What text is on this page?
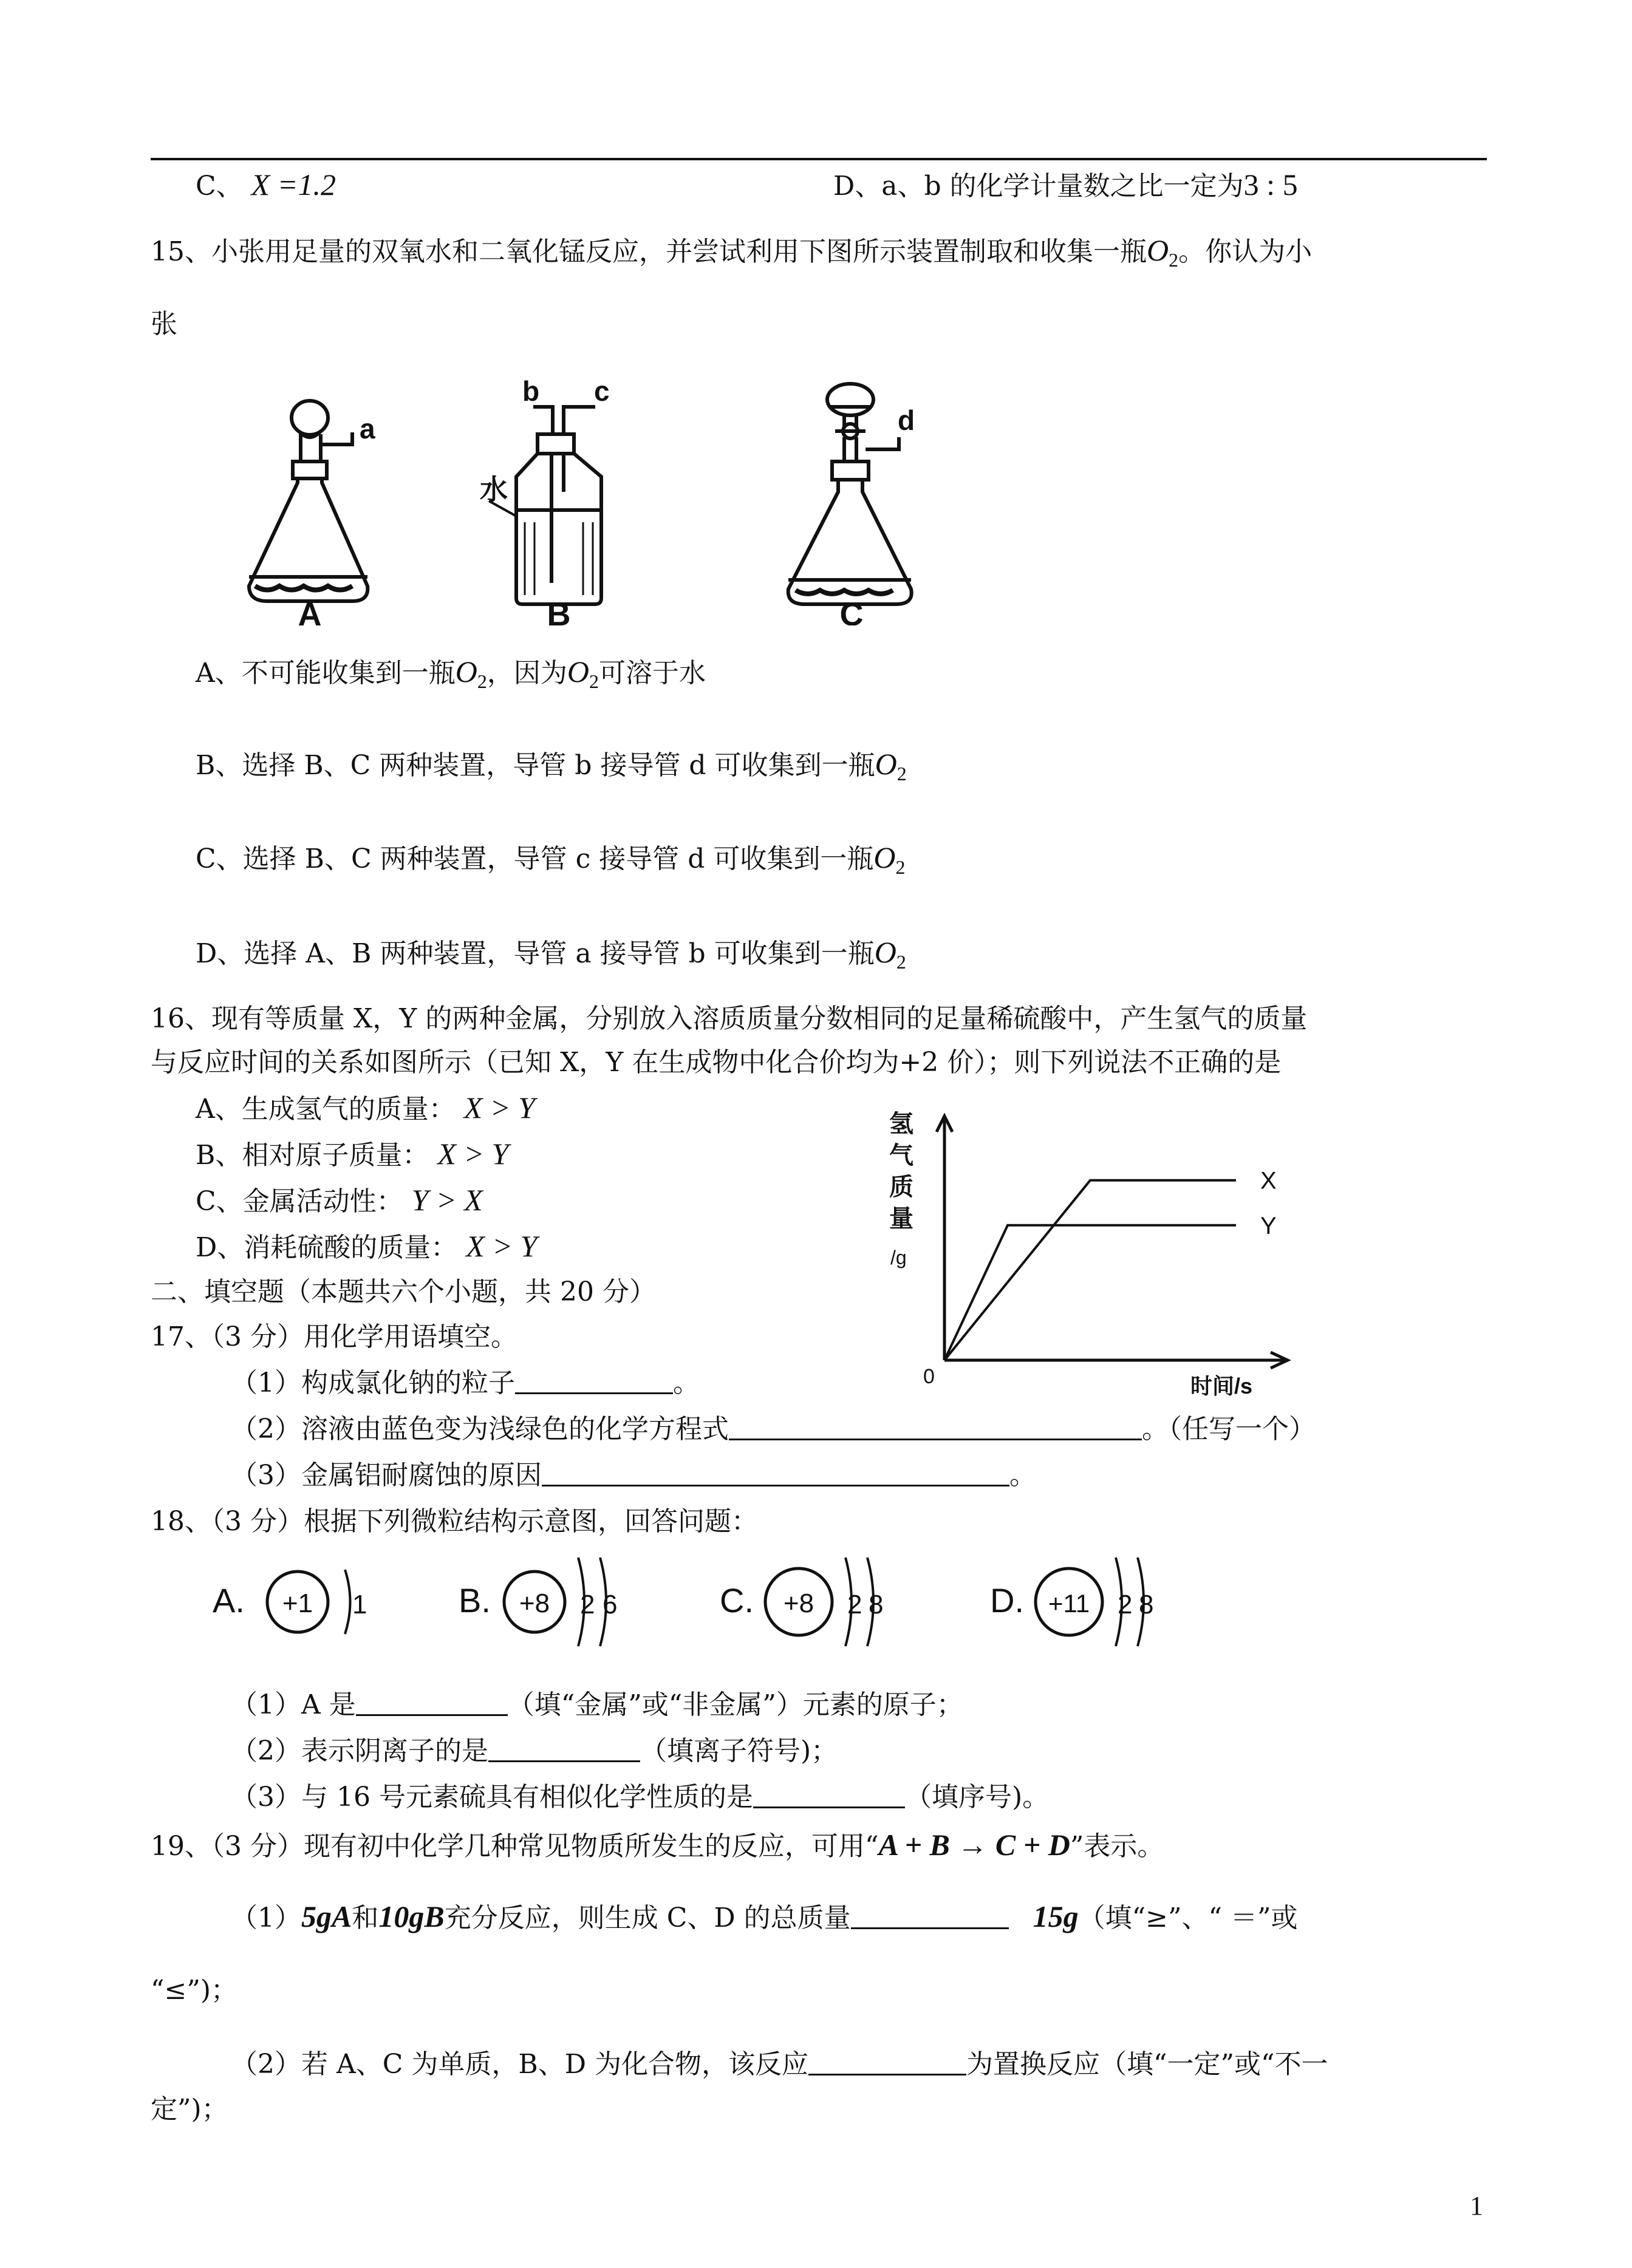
C、 X =1.2	D、a、b 的化学计量数之比一定为3 : 5
15、小张用足量的双氧水和二氧化锰反应，并尝试利用下图所示装置制取和收集一瓶$O_2$。你认为小
张
a
b c
d
水
A	B	C
A、不可能收集到一瓶$O_2$，因为$O_2$可溶于水
B、选择 B、C 两种装置，导管 b 接导管 d 可收集到一瓶$O_2$
C、选择 B、C 两种装置，导管 c 接导管 d 可收集到一瓶$O_2$
D、选择 A、B 两种装置，导管 a 接导管 b 可收集到一瓶$O_2$
16、现有等质量 X，Y 的两种金属，分别放入溶质质量分数相同的足量稀硫酸中，产生氢气的质量
与反应时间的关系如图所示（已知 X，Y 在生成物中化合价均为+2 价）；则下列说法不正确的是
A、生成氢气的质量： X > Y
B、相对原子质量： X > Y
C、金属活动性： Y > X
D、消耗硫酸的质量： X > Y
X
Y
氢
气
质
量
/g
0	时间/s
二、填空题（本题共六个小题，共 20 分）
17、（3 分）用化学用语填空。
（1）构成氯化钠的粒子	。
（2）溶液由蓝色变为浅绿色的化学方程式	。（任写一个）
（3）金属铝耐腐蚀的原因	。
18、（3 分）根据下列微粒结构示意图，回答问题：
A. +1 1	B. +8 2 6	C. +8 2 8	D. +11 2 8
（1）A 是	（填“金属”或“非金属”）元素的原子；
（2）表示阴离子的是	（填离子符号)；
（3）与 16 号元素硫具有相似化学性质的是	（填序号)。
19、（3 分）现有初中化学几种常见物质所发生的反应，可用“A + B → C + D”表示。
（1）5gA和10gB充分反应，则生成 C、D 的总质量	15g（填“≥”、“ ＝”或
“≤”)；
（2）若 A、C 为单质，B、D 为化合物，该反应	为置换反应（填“一定”或“不一
定”)；
1
